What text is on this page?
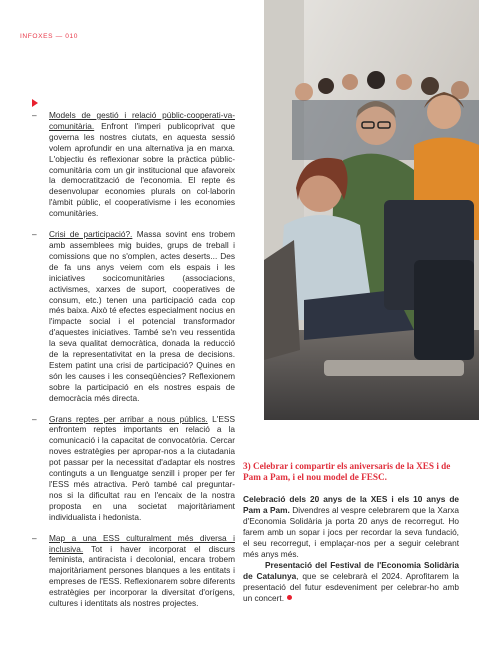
INFOXES — 010
– Models de gestió i relació públic-cooperati-va-comunitària. Enfront l'imperi publicoprivat que governa les nostres ciutats, en aquesta sessió volem aprofundir en una alternativa ja en marxa. L'objectiu és reflexionar sobre la pràctica públic-comunitària com un gir institucional que afavoreix la democratització de l'economia. El repte és desenvolupar economies plurals on col·laborin l'àmbit públic, el cooperativisme i les economies comunitàries.

– Crisi de participació?. Massa sovint ens trobem amb assemblees mig buides, grups de treball i comissions que no s'omplen, actes deserts... Des de fa uns anys veiem com els espais i les iniciatives socicomunitàries (associacions, activismes, xarxes de suport, cooperatives de consum, etc.) tenen una participació cada cop més baixa. Això té efectes especialment nocius en l'impacte social i el potencial transformador d'aquestes iniciatives. També se'n veu ressentida la seva qualitat democràtica, donada la reducció de la representativitat en la presa de decisions. Estem patint una crisi de participació? Quines en són les causes i les conseqüències? Reflexionem sobre la participació en els nostres espais de democràcia més directa.

– Grans reptes per arribar a nous públics. L'ESS enfrontem reptes importants en relació a la comunicació i la capacitat de convocatòria. Cercar noves estratègies per apropar-nos a la ciutadania pot passar per la necessitat d'adaptar els nostres continguts a un llenguatge senzill i proper per fer l'ESS més atractiva. Però també cal preguntar-nos si la dificultat rau en l'encaix de la nostra proposta en una societat majoritàriament individualista i hedonista.

– Map a una ESS culturalment més diversa i inclusiva. Tot i haver incorporat el discurs feminista, antiracista i decolonial, encara trobem majoritàriament persones blanques a les entitats i empreses de l'ESS. Reflexionarem sobre diferents estratègies per incorporar la diversitat d'orígens, cultures i identitats als nostres projectes.

3) Celebrar i compartir els aniversaris de la XES i de Pam a Pam, i el nou model de FESC.

Celebració dels 20 anys de la XES i els 10 anys de Pam a Pam. Divendres al vespre celebrarem que la Xarxa d'Economia Solidària ja porta 20 anys de recorregut. Ho farem amb un sopar i jocs per recordar la seva fundació, el seu recorregut, i emplaçar-nos per a seguir celebrant més anys més.

Presentació del Festival de l'Economia Solidària de Catalunya, que se celebrarà el 2024. Aprofitarem la presentació del futur esdeveniment per celebrar-ho amb un concert.
